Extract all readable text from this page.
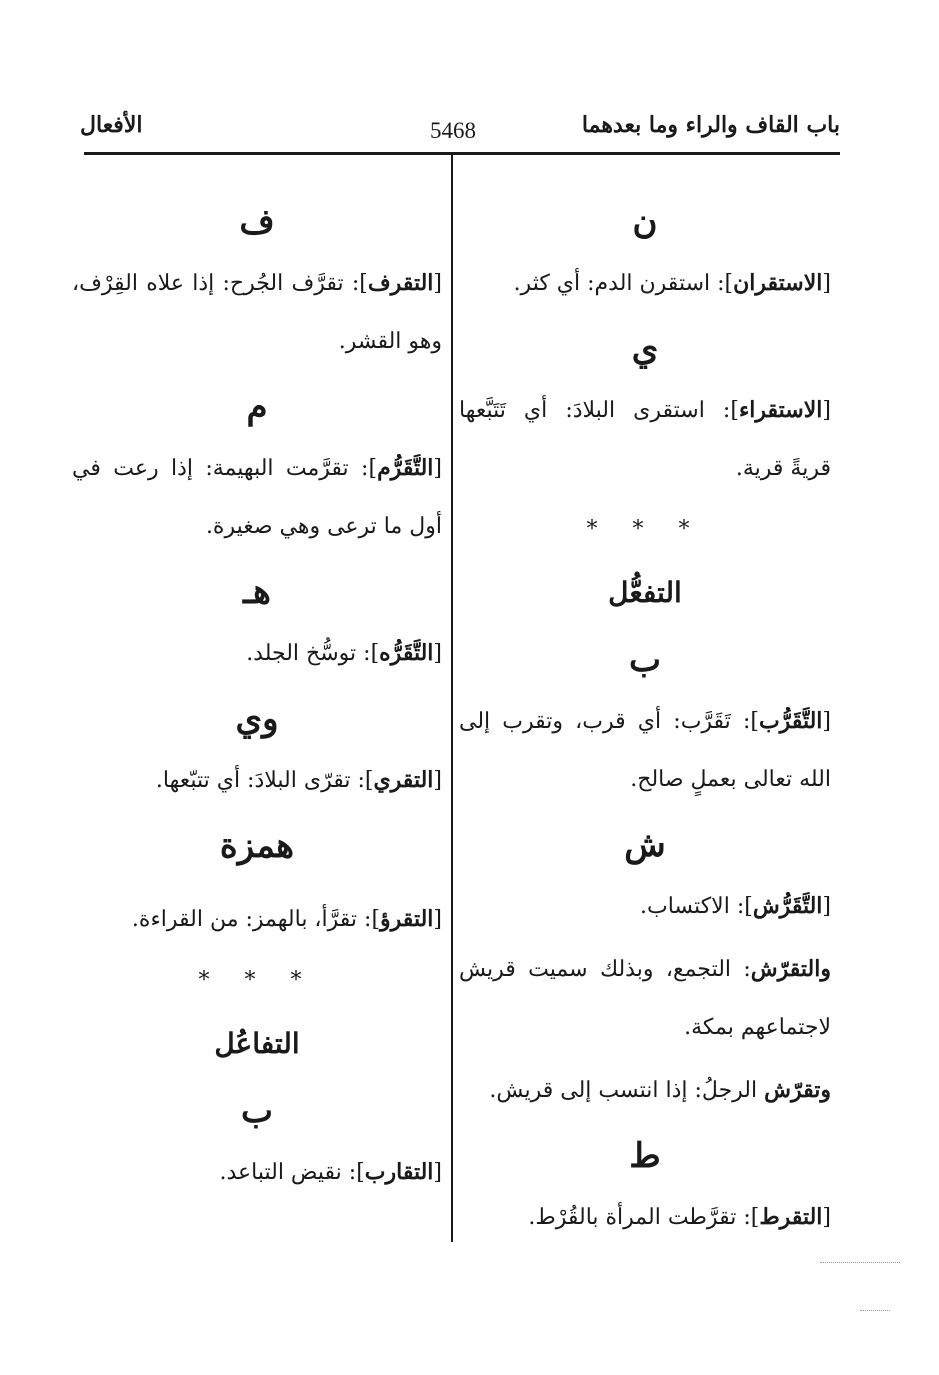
باب القاف والراء وما بعدهما
5468
الأفعال
ن
[الاستقران]: استقرن الدم: أي كثر.
ي
[الاستقراء]: استقرى البلادَ: أي تَتَبَّعها قريةً قرية.
* * *
التفعُّل
ب
[التَّقَرُّب]: تَقَرَّب: أي قرب، وتقرب إلى الله تعالى بعملٍ صالح.
ش
[التَّقَرُّش]: الاكتساب.
والتقرّش: التجمع، وبذلك سميت قريش لاجتماعهم بمكة.
وتقرّش الرجلُ: إذا انتسب إلى قريش.
ط
[التقرط]: تقرَّطت المرأة بالقُرْط.
ف
[التقرف]: تقرَّف الجُرح: إذا علاه القِرْف، وهو القشر.
م
[التَّقَرُّم]: تقرَّمت البهيمة: إذا رعت في أول ما ترعى وهي صغيرة.
هـ
[التَّقَرُّه]: توسُّخ الجلد.
وي
[التقري]: تقرّى البلادَ: أي تتبّعها.
همزة
[التقرؤ]: تقرَّأ، بالهمز: من القراءة.
* * *
التفاعُل
ب
[التقارب]: نقيض التباعد.
